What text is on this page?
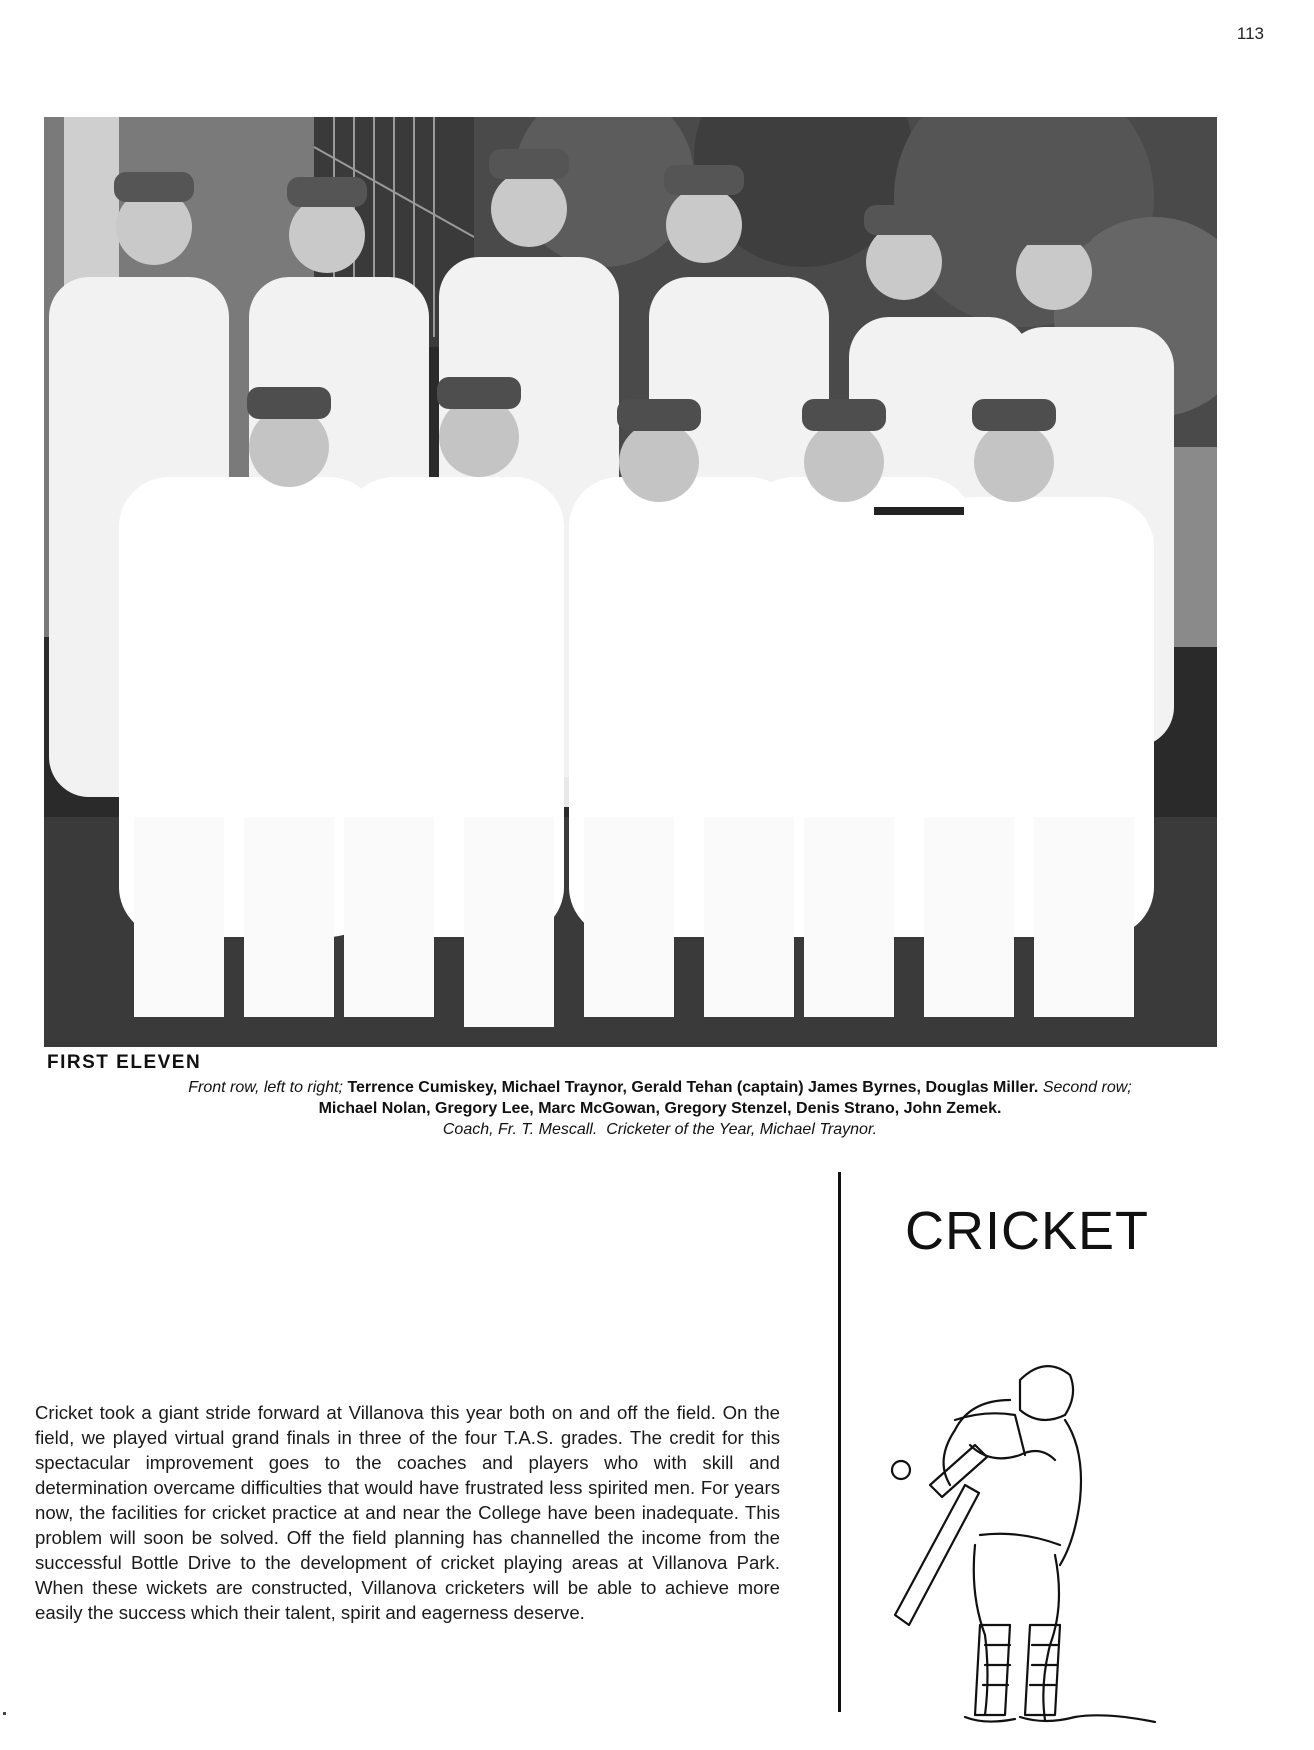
113
FIRST ELEVEN
Front row, left to right; Terrence Cumiskey, Michael Traynor, Gerald Tehan (captain) James Byrnes, Douglas Miller. Second row;
Michael Nolan, Gregory Lee, Marc McGowan, Gregory Stenzel, Denis Strano, John Zemek.
Coach, Fr. T. Mescall. Cricketer of the Year, Michael Traynor.
CRICKET
Cricket took a giant stride forward at Villanova this year both on and off the field. On the field, we played virtual grand finals in three of the four T.A.S. grades. The credit for this spectacular improvement goes to the coaches and players who with skill and determination overcame difficulties that would have frustrated less spirited men. For years now, the facilities for cricket practice at and near the College have been inadequate. This problem will soon be solved. Off the field planning has channelled the income from the successful Bottle Drive to the development of cricket playing areas at Villanova Park. When these wickets are constructed, Villanova cricketers will be able to achieve more easily the success which their talent, spirit and eagerness deserve.
